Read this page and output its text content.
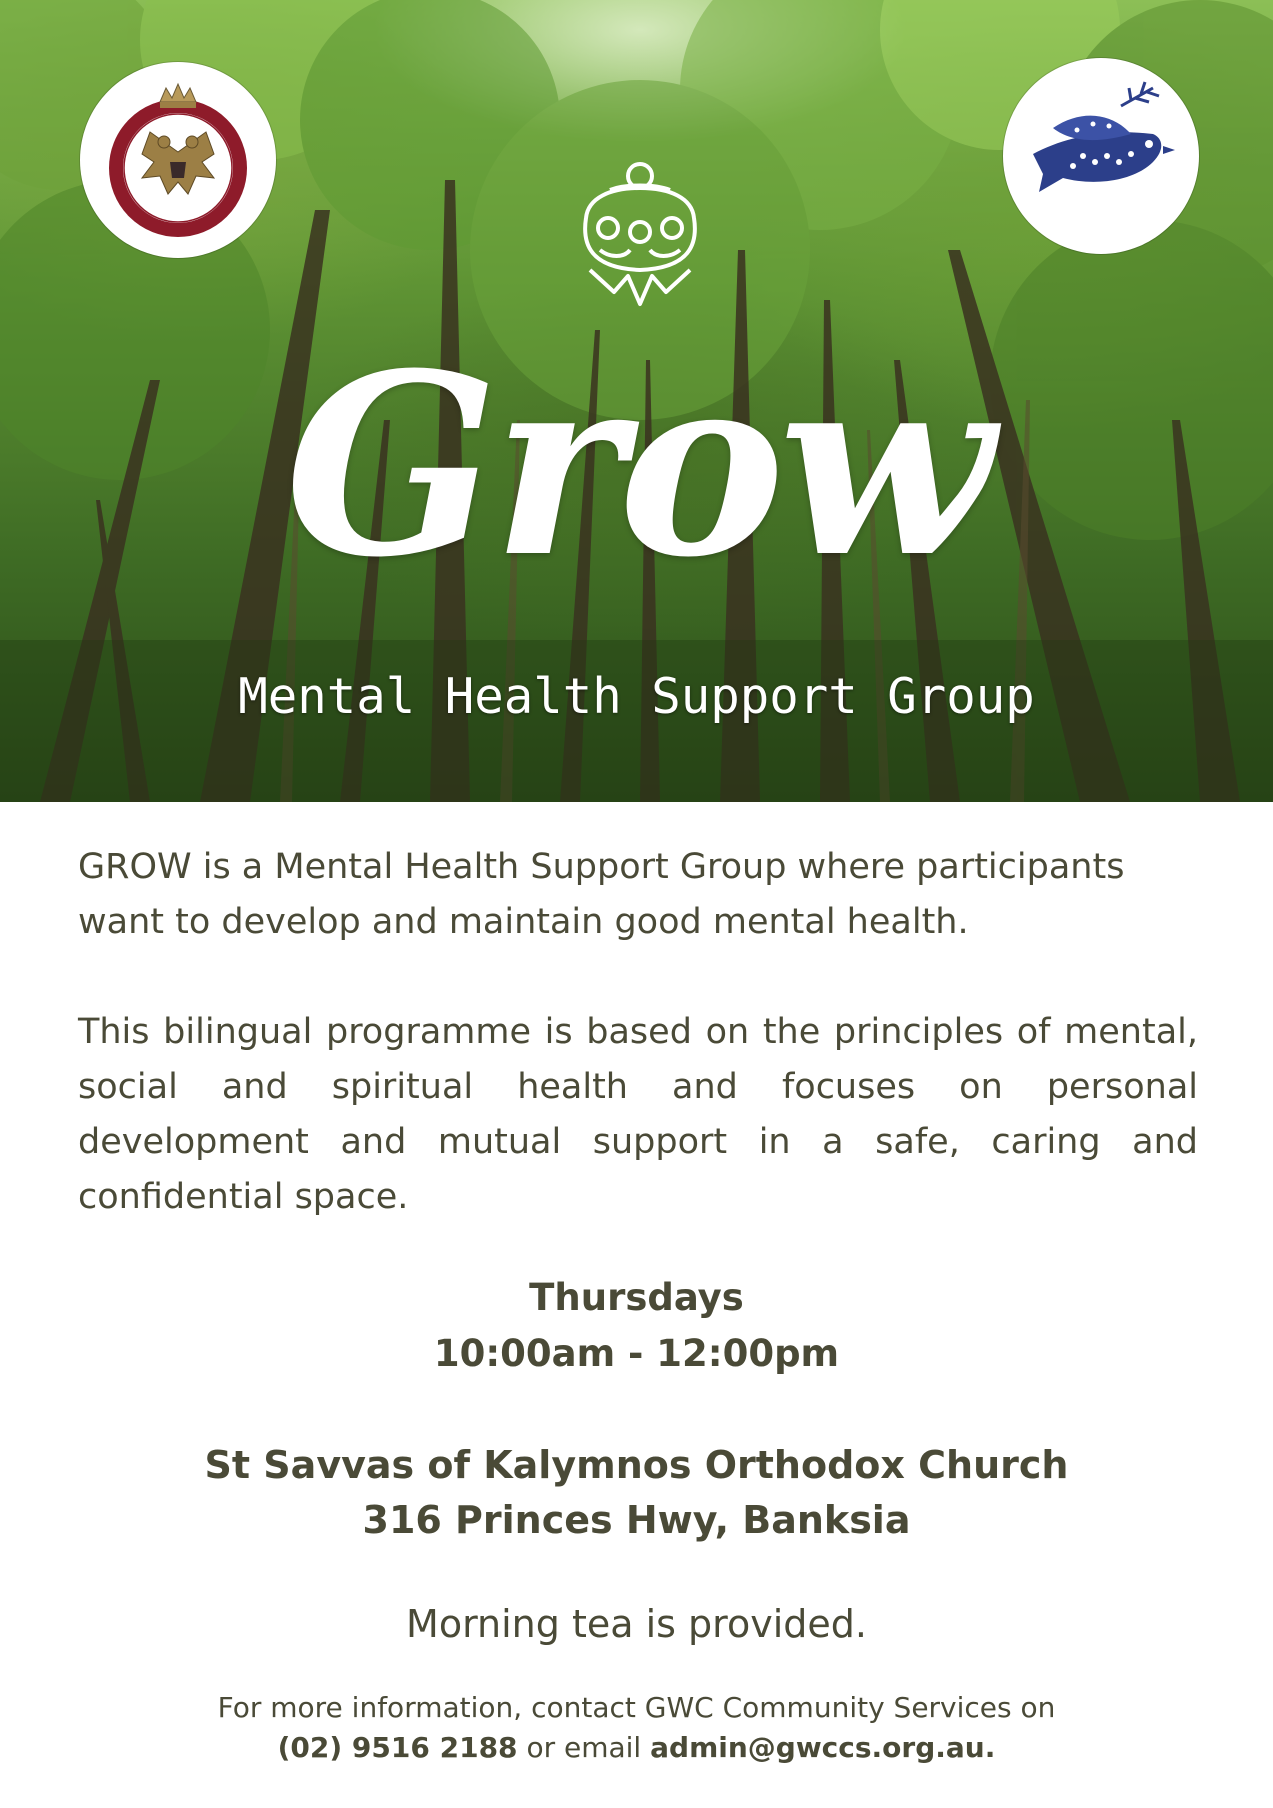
Grow
Mental Health Support Group
GROW is a Mental Health Support Group where participants want to develop and maintain good mental health.
This bilingual programme is based on the principles of mental, social and spiritual health and focuses on personal development and mutual support in a safe, caring and confidential space.
Thursdays
10:00am - 12:00pm
St Savvas of Kalymnos Orthodox Church
316 Princes Hwy, Banksia
Morning tea is provided.
For more information, contact GWC Community Services on
(02) 9516 2188 or email admin@gwccs.org.au.
